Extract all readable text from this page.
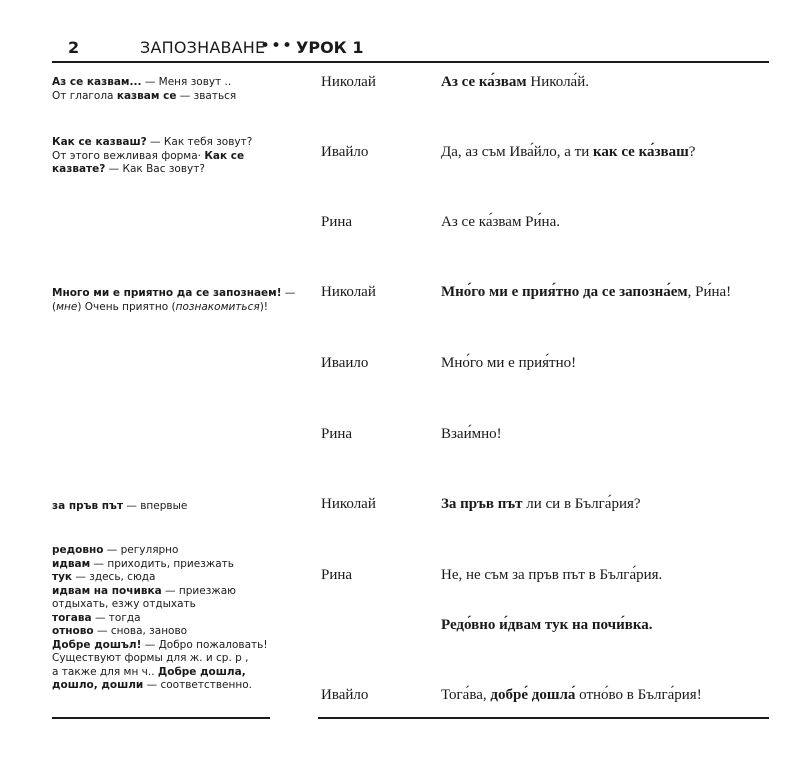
2	ЗАПОЗНАВАНЕ
••• УРОК 1
Аз се казвам... — Меня зовут ..
От глагола казвам се — зваться
Как се казваш? — Как тебя зовут?
От этого вежливая форма· Как се
казвате? — Как Вас зовут?
Много ми е приятно да се запознаем! —
(мне) Очень приятно (познакомиться)!
за пръв път — впервые
редовно — регулярно
идвам — приходить, приезжать
тук — здесь, сюда
идвам на почивка — приезжаю
отдыхать, езжу отдыхать
тогава — тогда
отново — снова, заново
Добре дошъл! — Добро пожаловать!
Существуют формы для ж. и ср. р ,
а также для мн ч.. Добре дошла,
дошло, дошли — соответственно.
Николай	Аз се ка́звам Никола́й.
Ивайло	Да, аз съм Ива́йло, а ти как се ка́зваш?
Рина	Аз се ка́звам Ри́на.
Николай	Мно́го ми е прия́тно да се запозна́ем, Ри́на!
Иваило	Мно́го ми е прия́тно!
Рина	Взаи́мно!
Николай	За пръв път ли си в Бълга́рия?
Рина	Не, не съм за пръв път в Бълга́рия.
Редо́вно и́двам тук на почи́вка.
Ивайло	Тога́ва, добре́ дошла́ отно́во в Бълга́рия!
